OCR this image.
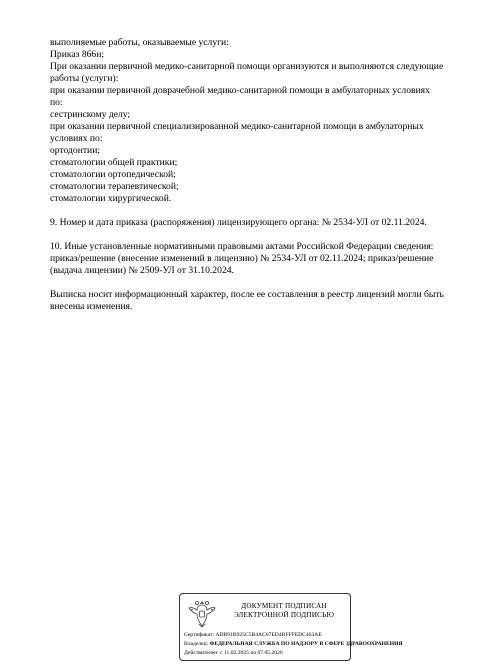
выполняемые работы, оказываемые услуги:
Приказ 866н;
При оказании первичной медико-санитарной помощи организуются и выполняются следующие
работы (услуги):
при оказании первичной доврачебной медико-санитарной помощи в амбулаторных условиях
по:
сестринскому делу;
при оказании первичной специализированной медико-санитарной помощи в амбулаторных
условиях по:
ортодонтии;
стоматологии общей практики;
стоматологии ортопедической;
стоматологии терапевтической;
стоматологии хирургической.
9. Номер и дата приказа (распоряжения) лицензирующего органа: № 2534-УЛ от 02.11.2024.
10. Иные установленные нормативными правовыми актами Российской Федерации сведения:
приказ/решение (внесение изменений в лицензию) № 2534-УЛ от 02.11.2024; приказ/решение
(выдача лицензии) № 2509-УЛ от 31.10.2024.
Выписка носит информационный характер, после ее составления в реестр лицензий могли быть
внесены изменения.
ДОКУМЕНТ ПОДПИСАН
ЭЛЕКТРОННОЙ ПОДПИСЬЮ
Сертификат: ADB91B925C5B4AC67ED4BFFFEDC463AE
Владелец: ФЕДЕРАЛЬНАЯ СЛУЖБА ПО НАДЗОРУ В СФЕРЕ ЗДРАВООХРАНЕНИЯ
Действителен: с 11.02.2025 по 07.05.2026
